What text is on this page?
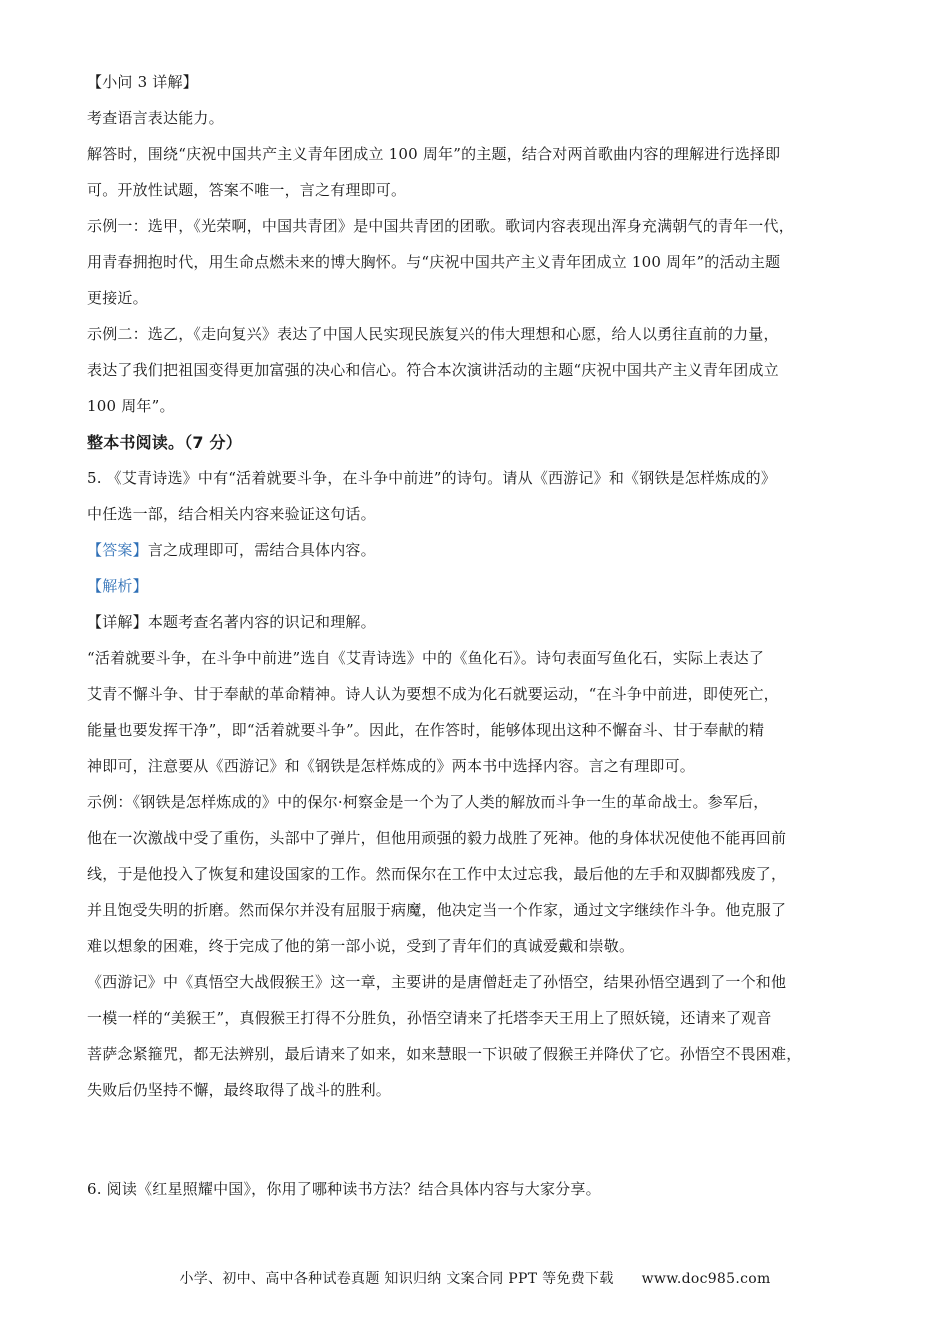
【小问 3 详解】
考查语言表达能力。
解答时，围绕“庆祝中国共产主义青年团成立 100 周年”的主题，结合对两首歌曲内容的理解进行选择即
可。开放性试题，答案不唯一，言之有理即可。
示例一：选甲，《光荣啊，中国共青团》是中国共青团的团歌。歌词内容表现出浑身充满朝气的青年一代，
用青春拥抱时代，用生命点燃未来的博大胸怀。与“庆祝中国共产主义青年团成立 100 周年”的活动主题
更接近。
示例二：选乙，《走向复兴》表达了中国人民实现民族复兴的伟大理想和心愿，给人以勇往直前的力量，
表达了我们把祖国变得更加富强的决心和信心。符合本次演讲活动的主题“庆祝中国共产主义青年团成立
100 周年”。
整本书阅读。（7 分）
5. 《艾青诗选》中有“活着就要斗争，在斗争中前进”的诗句。请从《西游记》和《钢铁是怎样炼成的》
中任选一部，结合相关内容来验证这句话。
【答案】言之成理即可，需结合具体内容。
【解析】
【详解】本题考查名著内容的识记和理解。
“活着就要斗争，在斗争中前进”选自《艾青诗选》中的《鱼化石》。诗句表面写鱼化石，实际上表达了
艾青不懈斗争、甘于奉献的革命精神。诗人认为要想不成为化石就要运动，“在斗争中前进，即使死亡，
能量也要发挥干净”，即“活着就要斗争”。因此，在作答时，能够体现出这种不懈奋斗、甘于奉献的精
神即可，注意要从《西游记》和《钢铁是怎样炼成的》两本书中选择内容。言之有理即可。
示例：《钢铁是怎样炼成的》中的保尔·柯察金是一个为了人类的解放而斗争一生的革命战士。参军后，
他在一次激战中受了重伤，头部中了弹片，但他用顽强的毅力战胜了死神。他的身体状况使他不能再回前
线，于是他投入了恢复和建设国家的工作。然而保尔在工作中太过忘我，最后他的左手和双脚都残废了，
并且饱受失明的折磨。然而保尔并没有屈服于病魔，他决定当一个作家，通过文字继续作斗争。他克服了
难以想象的困难，终于完成了他的第一部小说，受到了青年们的真诚爱戴和崇敬。
《西游记》中《真悟空大战假猴王》这一章，主要讲的是唐僧赶走了孙悟空，结果孙悟空遇到了一个和他
一模一样的“美猴王”，真假猴王打得不分胜负，孙悟空请来了托塔李天王用上了照妖镜，还请来了观音
菩萨念紧箍咒，都无法辨别，最后请来了如来，如来慧眼一下识破了假猴王并降伏了它。孙悟空不畏困难，
失败后仍坚持不懈，最终取得了战斗的胜利。
6. 阅读《红星照耀中国》，你用了哪种读书方法？结合具体内容与大家分享。
小学、初中、高中各种试卷真题 知识归纳 文案合同 PPT 等免费下载 www.doc985.com
